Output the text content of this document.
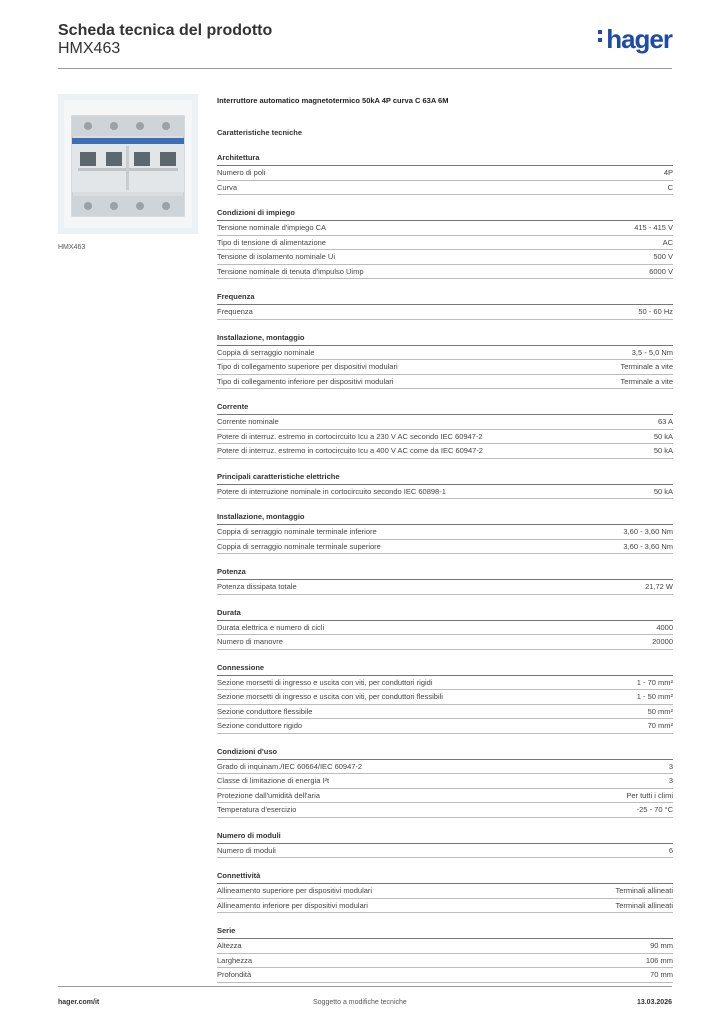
Scheda tecnica del prodotto
HMX463	hager
HMX463
Interruttore automatico magnetotermico 50kA 4P curva C 63A 6M
Caratteristiche tecniche
Architettura
Numero di poli	4P
Curva	C
Condizioni di impiego
Tensione nominale d'impiego CA	415 - 415 V
Tipo di tensione di alimentazione	AC
Tensione di isolamento nominale Ui	500 V
Tensione nominale di tenuta d'impulso Uimp	6000 V
Frequenza
Frequenza	50 - 60 Hz
Installazione, montaggio
Coppia di serraggio nominale	3,5 - 5,0 Nm
Tipo di collegamento superiore per dispositivi modulari	Terminale a vite
Tipo di collegamento inferiore per dispositivi modulari	Terminale a vite
Corrente
Corrente nominale	63 A
Potere di interruz. estremo in cortocircuito Icu a 230 V AC secondo IEC 60947-2	50 kA
Potere di interruz. estremo in cortocircuito Icu a 400 V AC come da IEC 60947-2	50 kA
Principali caratteristiche elettriche
Potere di interruzione nominale in cortocircuito secondo IEC 60898-1	50 kA
Installazione, montaggio
Coppia di serraggio nominale terminale inferiore	3,60 - 3,60 Nm
Coppia di serraggio nominale terminale superiore	3,60 - 3,60 Nm
Potenza
Potenza dissipata totale	21,72 W
Durata
Durata elettrica e numero di cicli	4000
Numero di manovre	20000
Connessione
Sezione morsetti di ingresso e uscita con viti, per conduttori rigidi	1 - 70 mm²
Sezione morsetti di ingresso e uscita con viti, per conduttori flessibili	1 - 50 mm²
Sezione conduttore flessibile	50 mm²
Sezione conduttore rigido	70 mm²
Condizioni d'uso
Grado di inquinam./IEC 60664/IEC 60947-2	3
Classe di limitazione di energia I²t	3
Protezione dall'umidità dell'aria	Per tutti i climi
Temperatura d'esercizio	-25 - 70 °C
Numero di moduli
Numero di moduli	6
Connettività
Allineamento superiore per dispositivi modulari	Terminali allineati
Allineamento inferiore per dispositivi modulari	Terminali allineati
Serie
Altezza	90 mm
Larghezza	106 mm
Profondità	70 mm
hager.com/it	Soggetto a modifiche tecniche	13.03.2026
